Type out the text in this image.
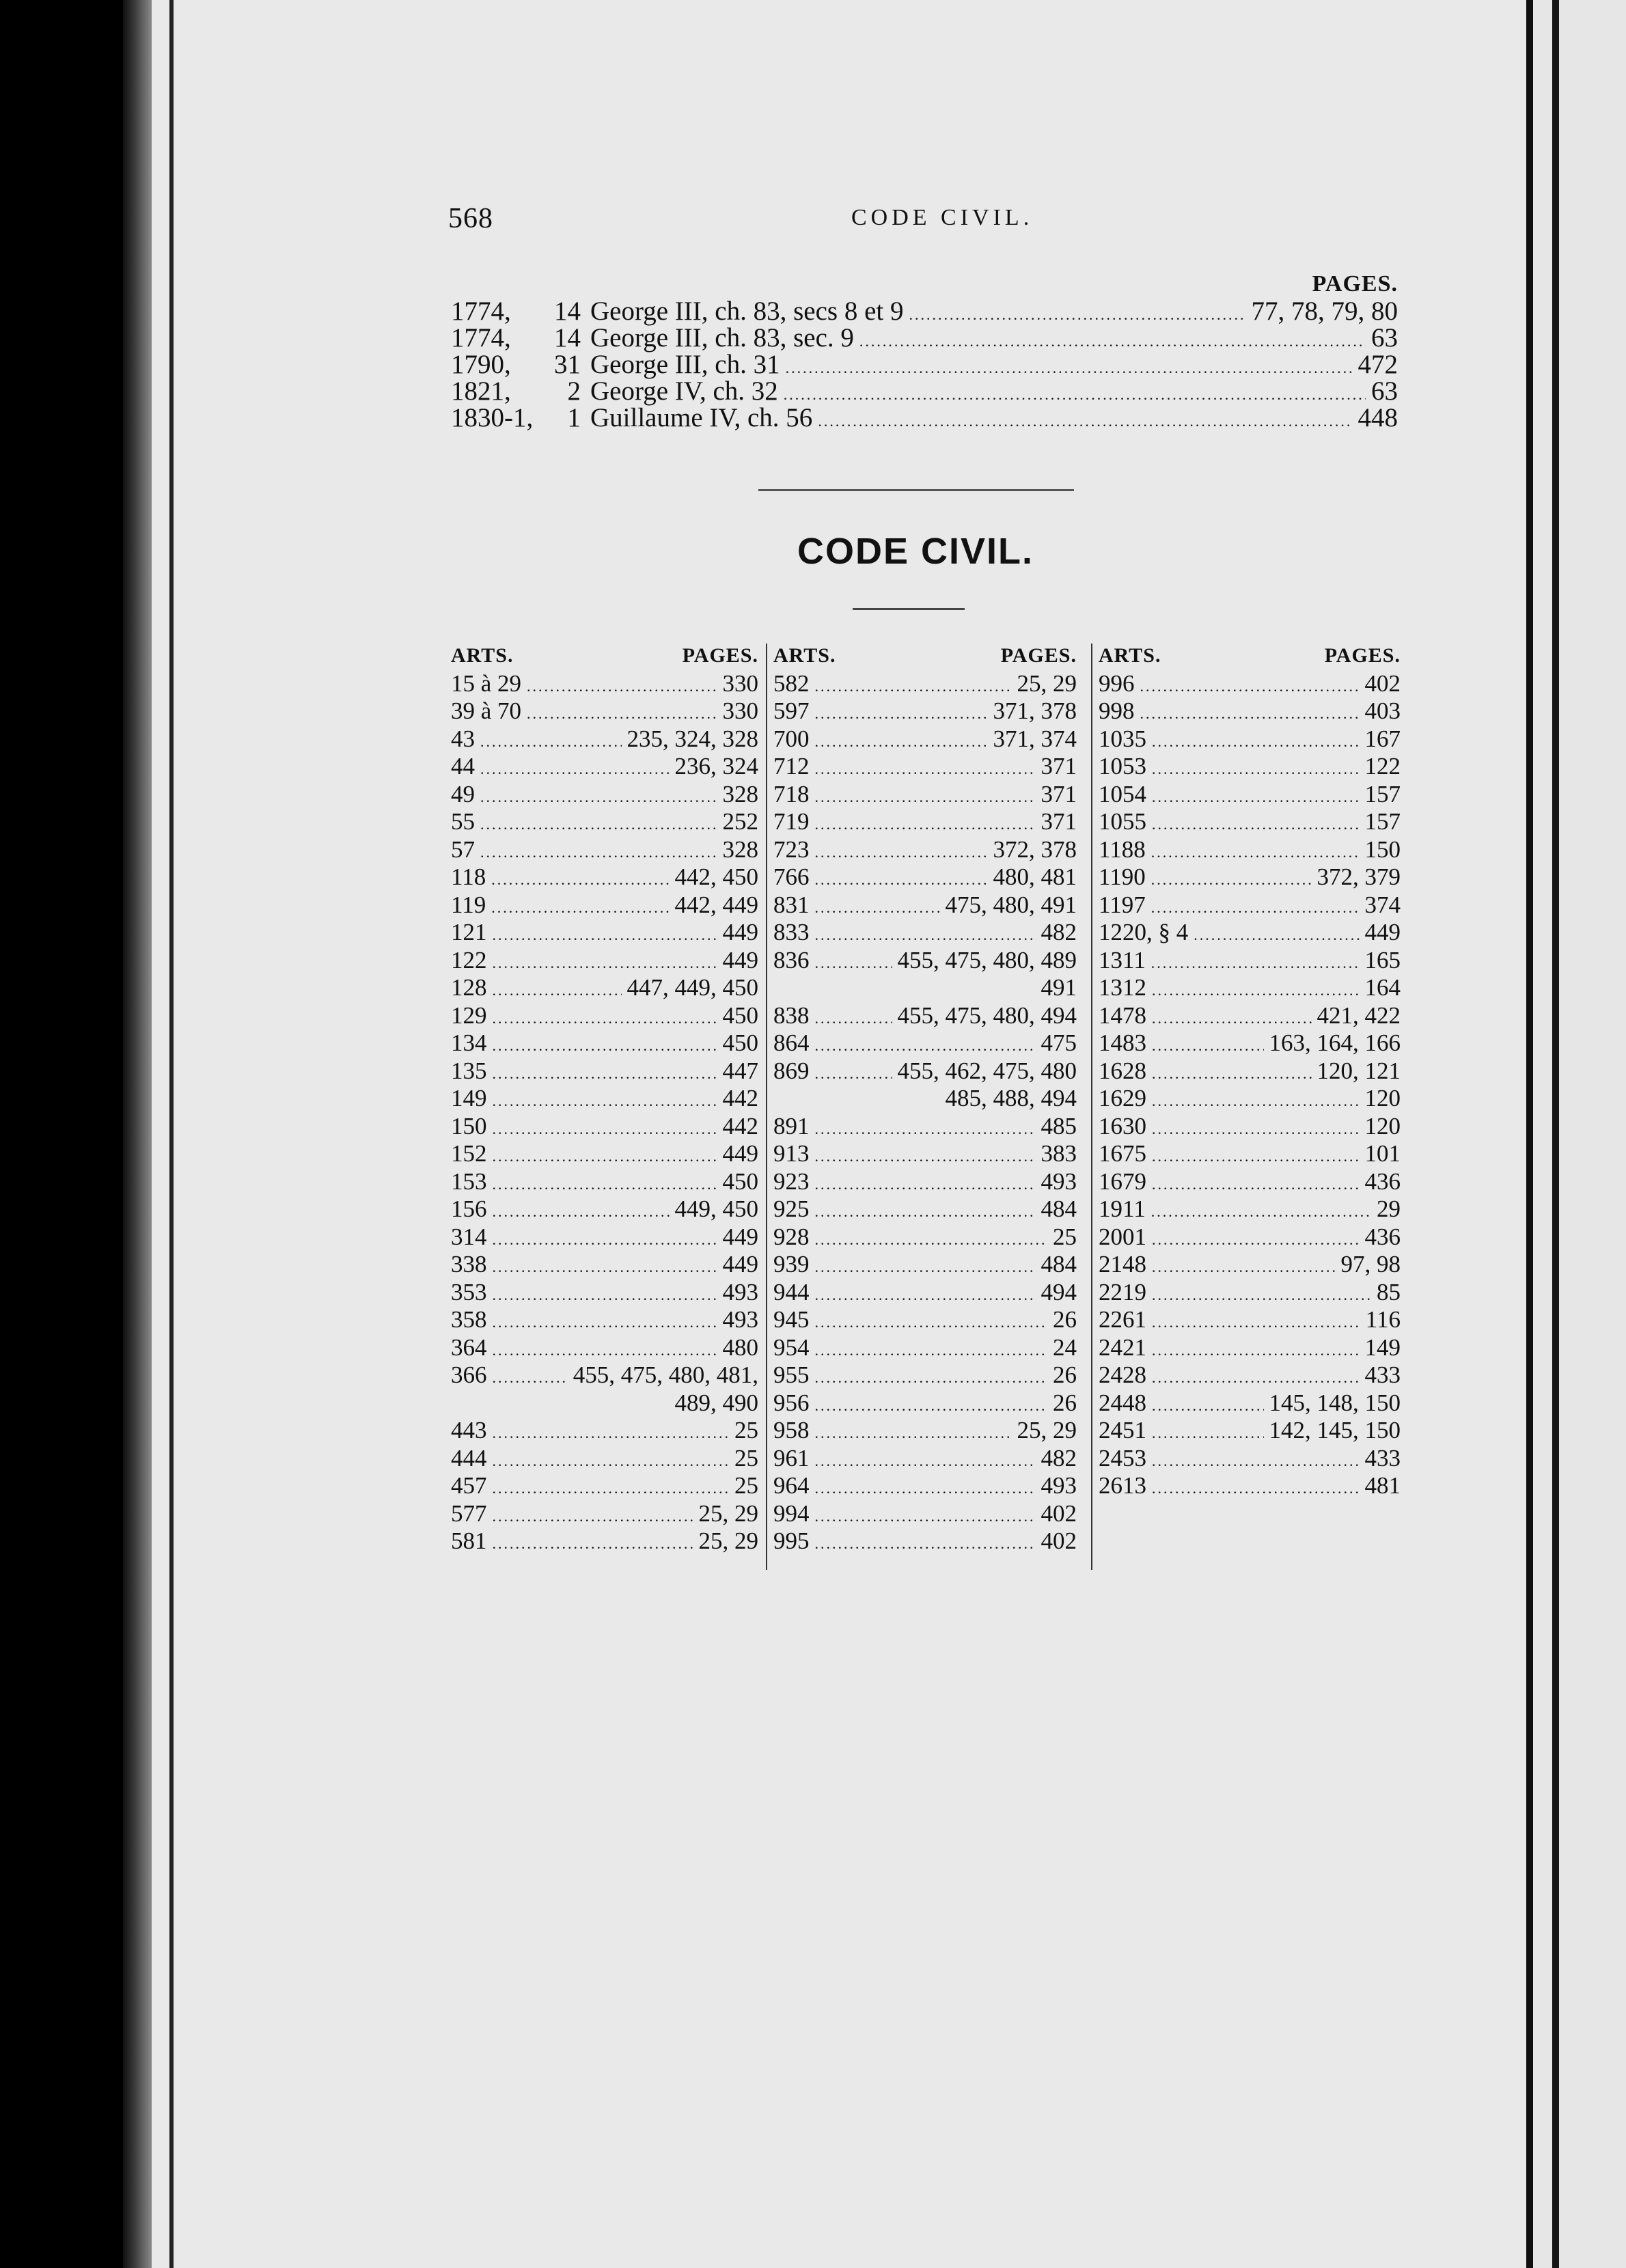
568	CODE CIVIL.
PAGES.
1774,	14 George III, ch. 83, secs 8 et 9 .....	77, 78, 79, 80
1774,	14 George III, ch. 83, sec. 9 .....	63
1790,	31 George III, ch. 31 .....	472
1821,	2 George IV, ch. 32 .....	63
1830-1,	1 Guillaume IV, ch. 56 .....	448
CODE CIVIL.
ARTS.	PAGES.
15 à 29 .....	330
39 à 70 .....	330
43 .....	235, 324, 328
44 .....	236, 324
49 .....	328
55 .....	252
57 .....	328
118 .....	442, 450
119 .....	442, 449
121 .....	449
122 .....	449
128 .....	447, 449, 450
129 .....	450
134 .....	450
135 .....	447
149 .....	442
150 .....	442
152 .....	449
153 .....	450
156 .....	449, 450
314 .....	449
338 .....	449
353 .....	493
358 .....	493
364 .....	480
366 .....	455, 475, 480, 481,
489, 490
443 .....	25
444 .....	25
457 .....	25
577 .....	25, 29
581 .....	25, 29
ARTS.	PAGES.
582 .....	25, 29
597 .....	371, 378
700 .....	371, 374
712 .....	371
718 .....	371
719 .....	371
723 .....	372, 378
766 .....	480, 481
831 .....	475, 480, 491
833 .....	482
836 .....	455, 475, 480, 489
491
838 .....	455, 475, 480, 494
864 .....	475
869 .....	455, 462, 475, 480
485, 488, 494
891 .....	485
913 .....	383
923 .....	493
925 .....	484
928 .....	25
939 .....	484
944 .....	494
945 .....	26
954 .....	24
955 .....	26
956 .....	26
958 .....	25, 29
961 .....	482
964 .....	493
994 .....	402
995 .....	402
ARTS.	PAGES.
996 .....	402
998 .....	403
1035 .....	167
1053 .....	122
1054 .....	157
1055 .....	157
1188 .....	150
1190 .....	372, 379
1197 .....	374
1220, § 4 .....	449
1311 .....	165
1312 .....	164
1478 .....	421, 422
1483 .....	163, 164, 166
1628 .....	120, 121
1629 .....	120
1630 .....	120
1675 .....	101
1679 .....	436
1911 .....	29
2001 .....	436
2148 .....	97, 98
2219 .....	85
2261 .....	116
2421 .....	149
2428 .....	433
2448 .....	145, 148, 150
2451 .....	142, 145, 150
2453 .....	433
2613 .....	481
